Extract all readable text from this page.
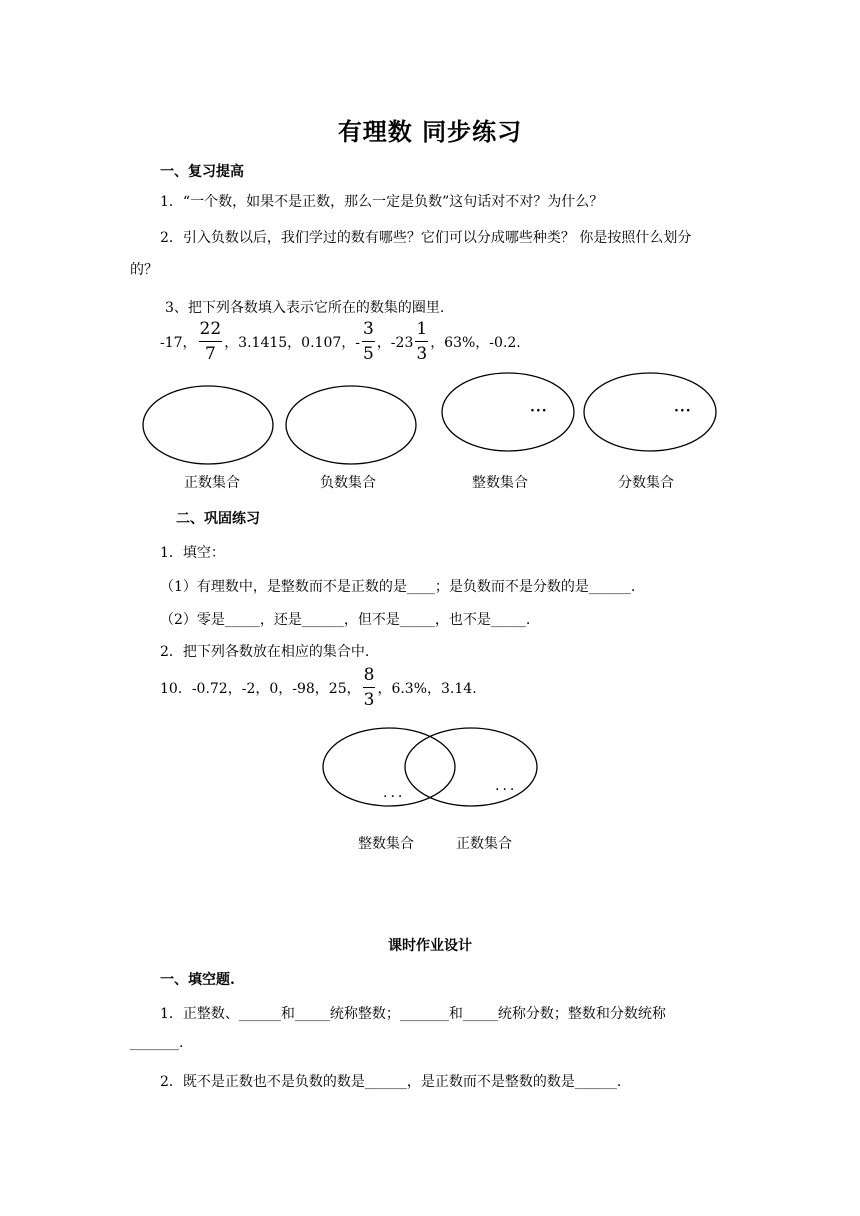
有理数 同步练习
一、复习提高
1．“一个数，如果不是正数，那么一定是负数”这句话对不对？为什么？
2．引入负数以后，我们学过的数有哪些？它们可以分成哪些种类？ 你是按照什么划分
的？
3、把下列各数填入表示它所在的数集的圈里.
-17， $\frac{22}{7}$ ，3.1415，0.107，- $\frac{3}{5}$ ，$-23 \frac{1}{3}$ ，63%，-0.2.
···	···
正数集合	负数集合	整数集合	分数集合
二、巩固练习
1．填空：
（1）有理数中，是整数而不是正数的是____；是负数而不是分数的是______.
（2）零是_____，还是______，但不是_____，也不是_____.
2．把下列各数放在相应的集合中.
10．-0.72，-2，0，-98，25， $\frac{8}{3}$ ，6.3%，3.14.
...	...
整数集合	正数集合
课时作业设计
一、填空题.
1．正整数、______和_____统称整数；_______和_____统称分数；整数和分数统称
_______.
2．既不是正数也不是负数的数是______，是正数而不是整数的数是______.
